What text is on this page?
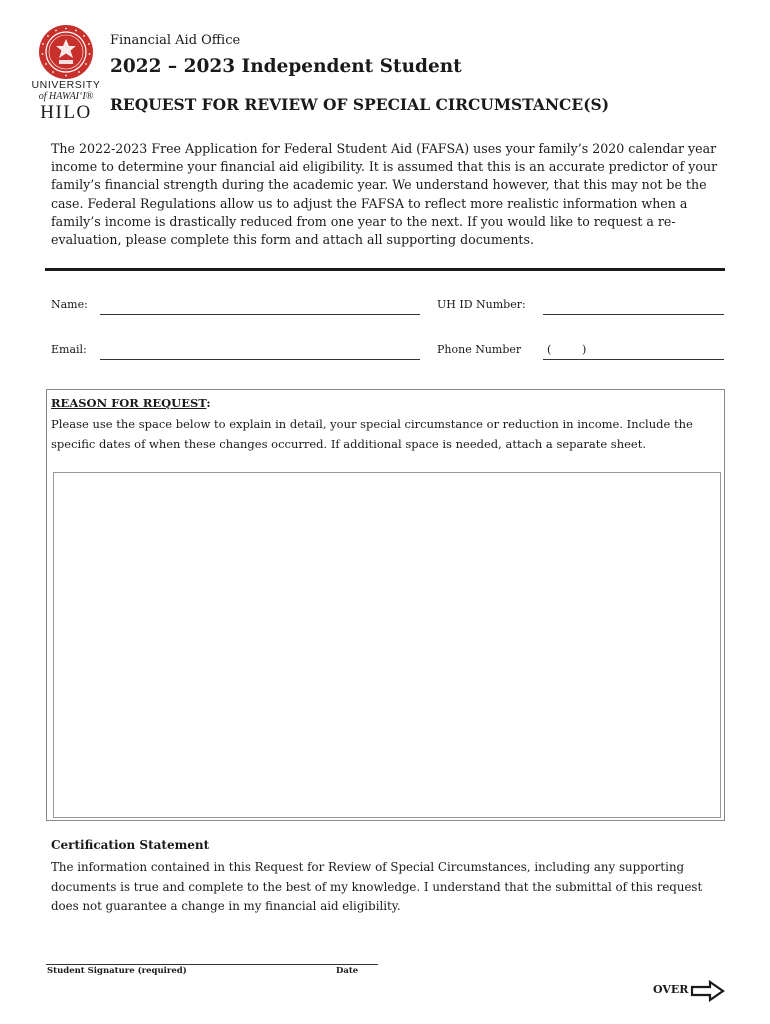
UNIVERSITY
of HAWAI‘I®
HILO
Financial Aid Office
2022 – 2023 Independent Student
REQUEST FOR REVIEW OF SPECIAL CIRCUMSTANCE(S)
The 2022-2023 Free Application for Federal Student Aid (FAFSA) uses your family’s 2020 calendar year income to determine your financial aid eligibility. It is assumed that this is an accurate predictor of your family’s financial strength during the academic year. We understand however, that this may not be the case. Federal Regulations allow us to adjust the FAFSA to reflect more realistic information when a family’s income is drastically reduced from one year to the next. If you would like to request a re-evaluation, please complete this form and attach all supporting documents.
Name:	UH ID Number:
Email:	Phone Number (	)
REASON FOR REQUEST:
Please use the space below to explain in detail, your special circumstance or reduction in income. Include the specific dates of when these changes occurred. If additional space is needed, attach a separate sheet.
Certification Statement
The information contained in this Request for Review of Special Circumstances, including any supporting documents is true and complete to the best of my knowledge. I understand that the submittal of this request does not guarantee a change in my financial aid eligibility.
Student Signature (required)	Date
OVER
